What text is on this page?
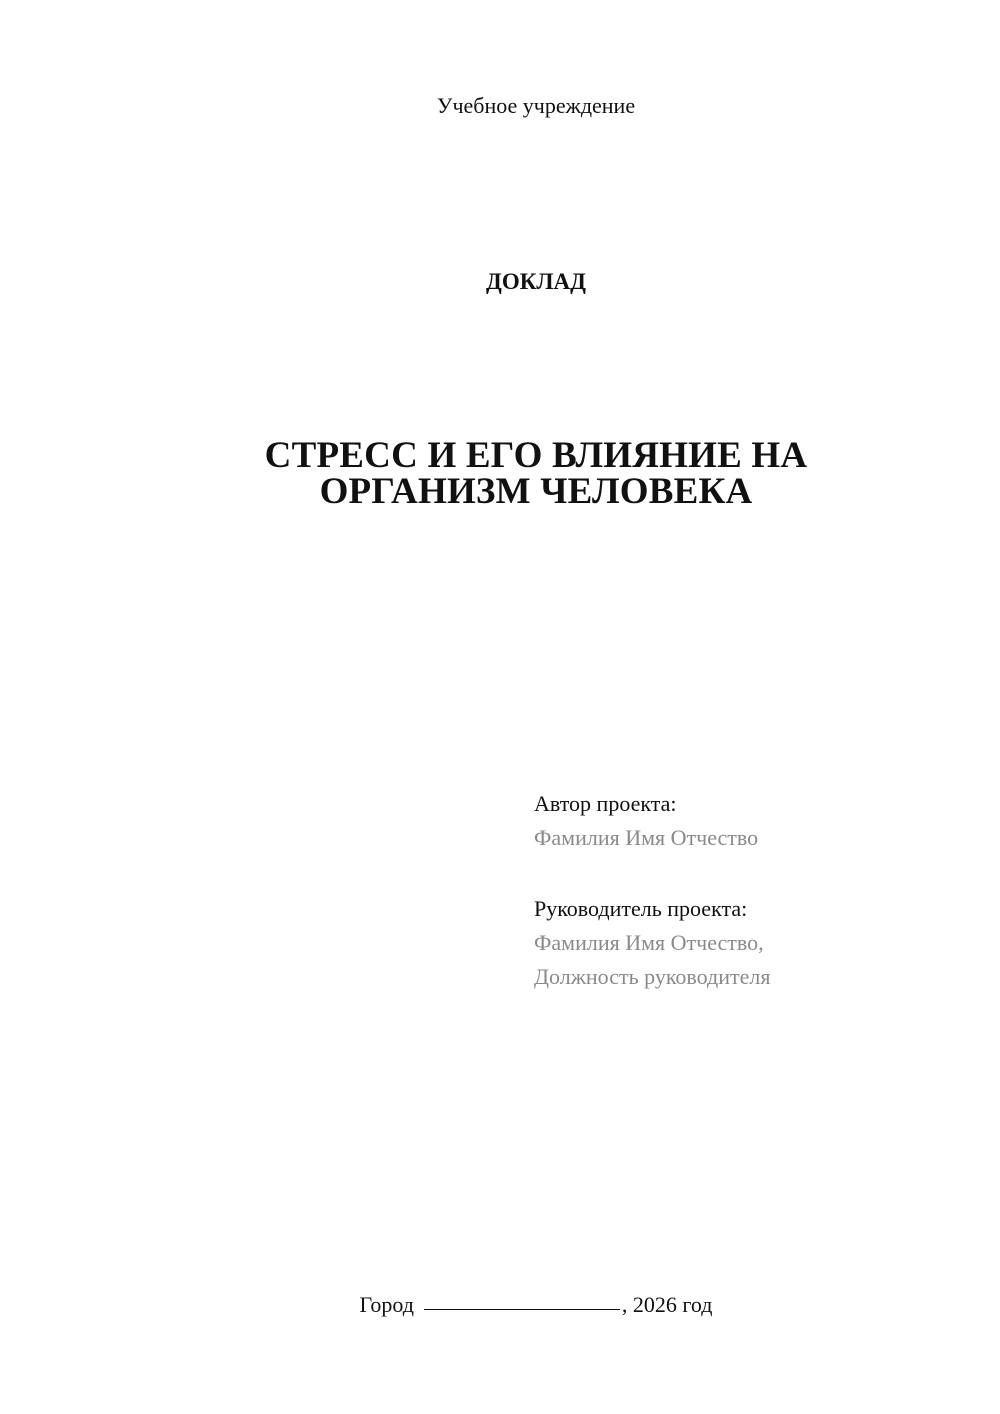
Учебное учреждение
ДОКЛАД
СТРЕСС И ЕГО ВЛИЯНИЕ НА
ОРГАНИЗМ ЧЕЛОВЕКА
Автор проекта:
Фамилия Имя Отчество
Руководитель проекта:
Фамилия Имя Отчество,
Должность руководителя
Город	, 2026 год
